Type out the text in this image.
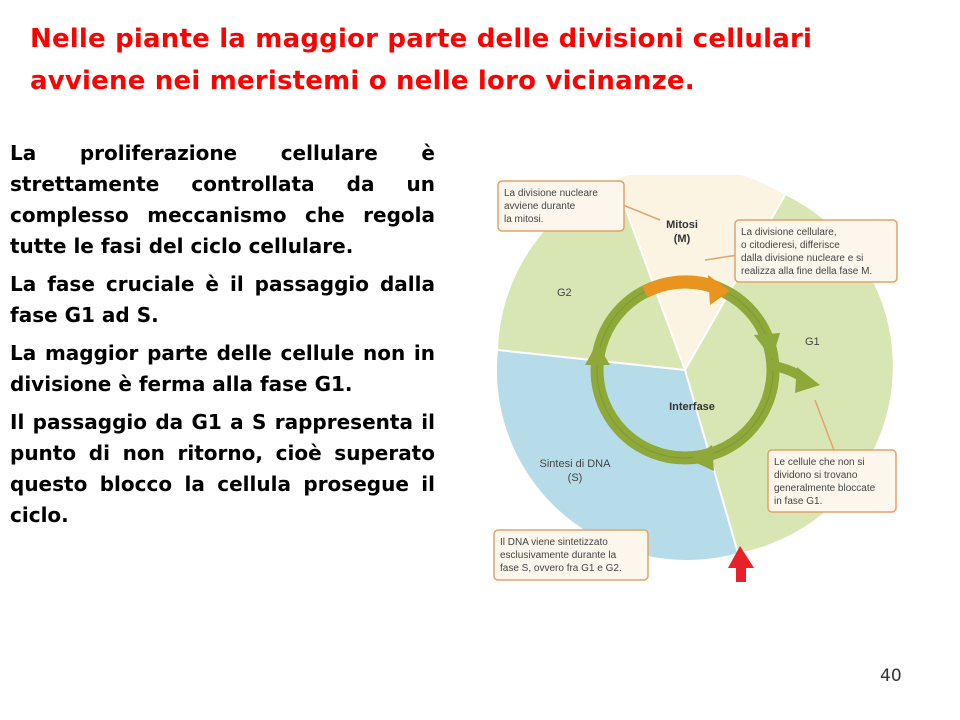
Nelle piante la maggior parte delle divisioni cellulari avviene nei meristemi o nelle loro vicinanze.

La proliferazione cellulare è strettamente controllata da un complesso meccanismo che regola tutte le fasi del ciclo cellulare.

La fase cruciale è il passaggio dalla fase G1 ad S.

La maggior parte delle cellule non in divisione è ferma alla fase G1.

Il passaggio da G1 a S rappresenta il punto di non ritorno, cioè superato questo blocco la cellula prosegue il ciclo.

Mitosi
(M)
G2
G1
Interfase
Sintesi di DNA
(S)
La divisione nucleare
avviene durante
la mitosi.
La divisione cellulare,
o citodieresi, differisce
dalla divisione nucleare e si
realizza alla fine della fase M.
Le cellule che non si
dividono si trovano
generalmente bloccate
in fase G1.
Il DNA viene sintetizzato
esclusivamente durante la
fase S, ovvero fra G1 e G2.
40
